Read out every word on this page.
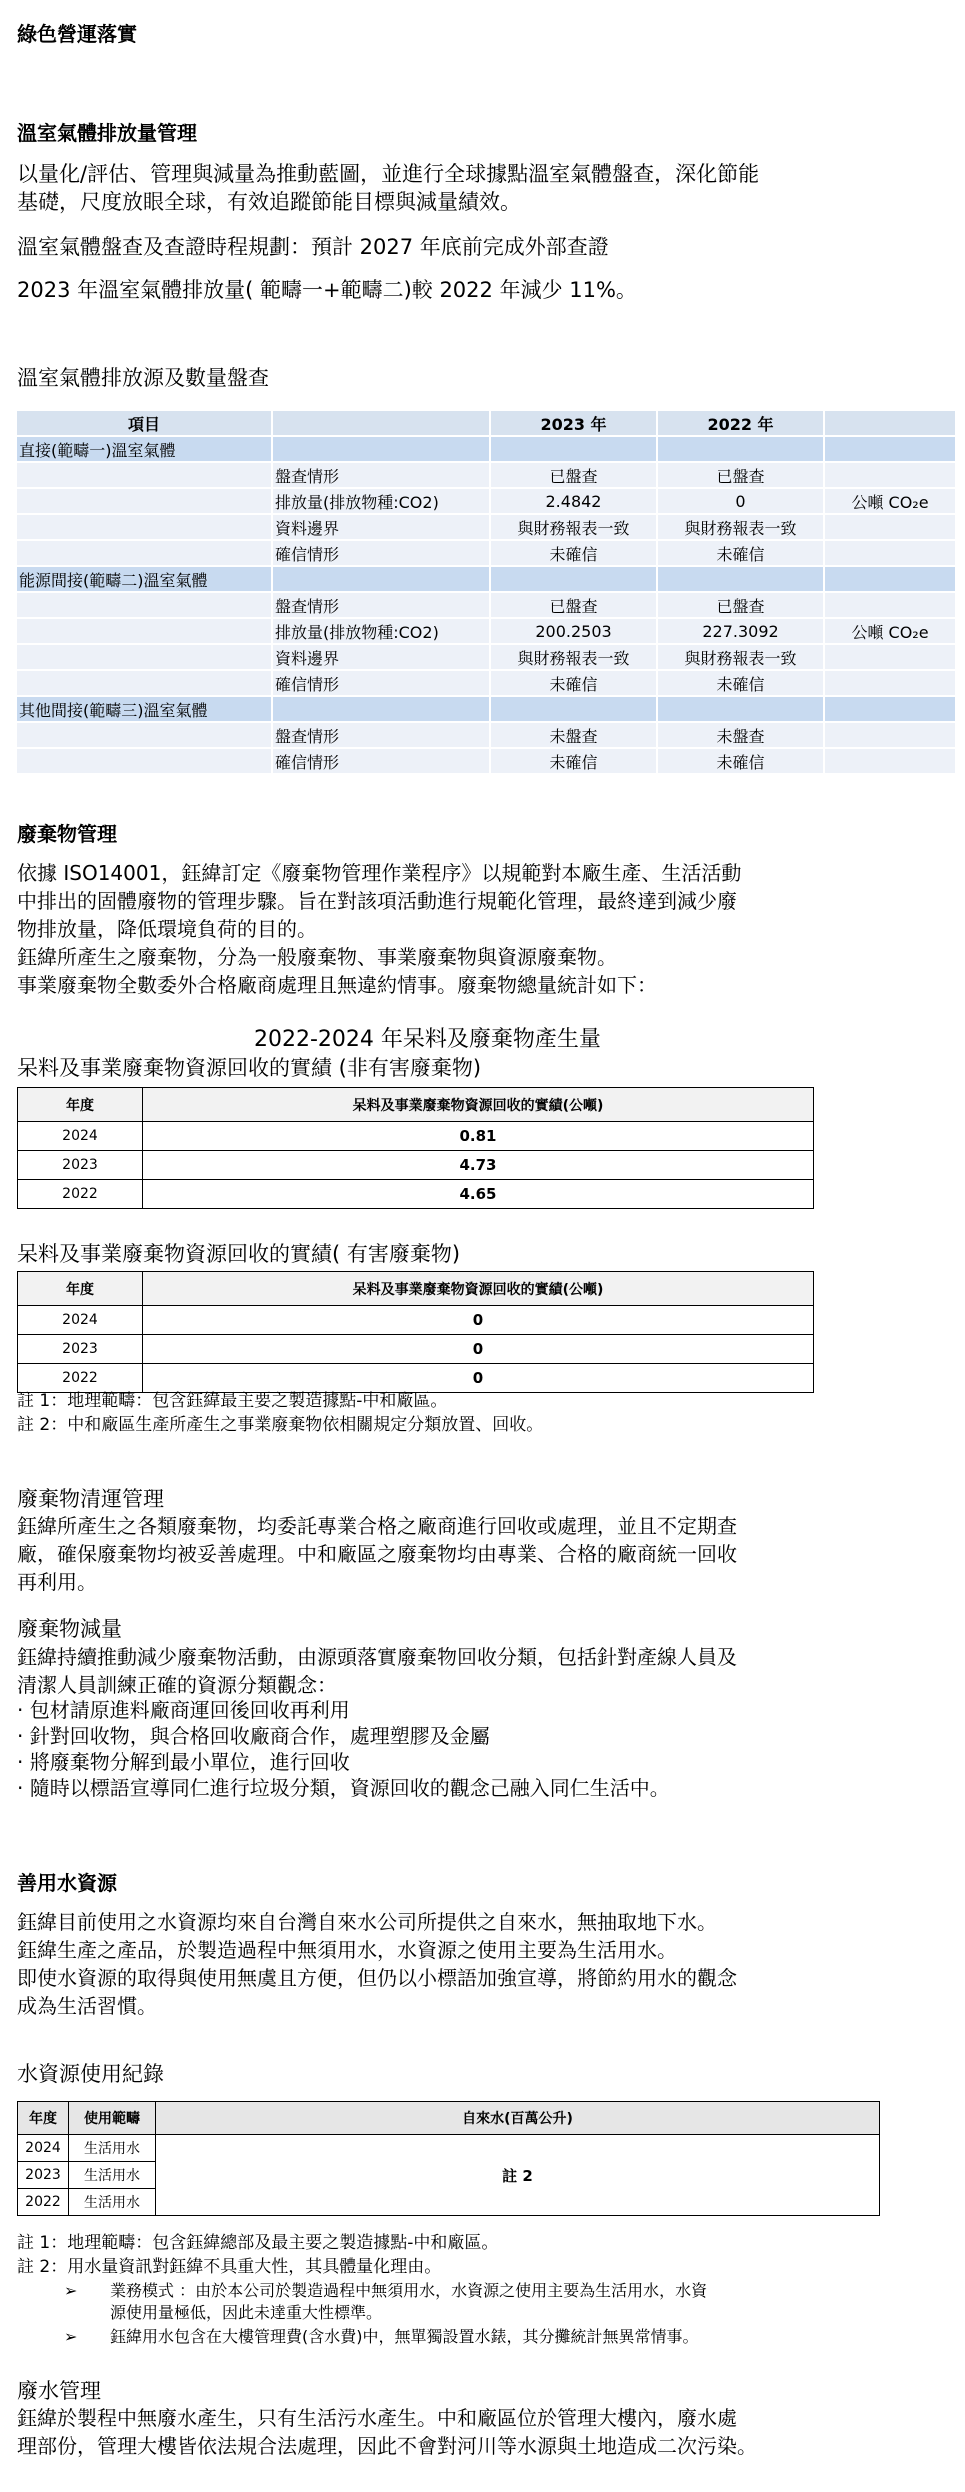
綠色營運落實
溫室氣體排放量管理
以量化/評估、管理與減量為推動藍圖，並進行全球據點溫室氣體盤查，深化節能
基礎，尺度放眼全球，有效追蹤節能目標與減量績效。
溫室氣體盤查及查證時程規劃：預計 2027 年底前完成外部查證
2023 年溫室氣體排放量( 範疇一+範疇二)較 2022 年減少 11%。
溫室氣體排放源及數量盤查
項目		2023 年	2022 年	
直接(範疇一)溫室氣體				
	盤查情形	已盤查	已盤查	
	排放量(排放物種:CO2)	2.4842	0	公噸 CO₂e
	資料邊界	與財務報表一致	與財務報表一致	
	確信情形	未確信	未確信	
能源間接(範疇二)溫室氣體				
	盤查情形	已盤查	已盤查	
	排放量(排放物種:CO2)	200.2503	227.3092	公噸 CO₂e
	資料邊界	與財務報表一致	與財務報表一致	
	確信情形	未確信	未確信	
其他間接(範疇三)溫室氣體				
	盤查情形	未盤查	未盤查	
	確信情形	未確信	未確信	
廢棄物管理
依據 ISO14001，鈺緯訂定《廢棄物管理作業程序》以規範對本廠生產、生活活動
中排出的固體廢物的管理步驟。旨在對該項活動進行規範化管理，最終達到減少廢
物排放量，降低環境負荷的目的。
鈺緯所產生之廢棄物，分為一般廢棄物、事業廢棄物與資源廢棄物。
事業廢棄物全數委外合格廠商處理且無違約情事。廢棄物總量統計如下：
2022-2024 年呆料及廢棄物產生量
呆料及事業廢棄物資源回收的實績 (非有害廢棄物)
年度	呆料及事業廢棄物資源回收的實績(公噸)
2024	0.81
2023	4.73
2022	4.65
呆料及事業廢棄物資源回收的實績( 有害廢棄物)
年度	呆料及事業廢棄物資源回收的實績(公噸)
2024	0
2023	0
2022	0
註 1：地理範疇：包含鈺緯最主要之製造據點-中和廠區。
註 2：中和廠區生產所產生之事業廢棄物依相關規定分類放置、回收。
廢棄物清運管理
鈺緯所產生之各類廢棄物，均委託專業合格之廠商進行回收或處理，並且不定期查
廠，確保廢棄物均被妥善處理。中和廠區之廢棄物均由專業、合格的廠商統一回收
再利用。
廢棄物減量
鈺緯持續推動減少廢棄物活動，由源頭落實廢棄物回收分類，包括針對產線人員及
清潔人員訓練正確的資源分類觀念：
‧ 包材請原進料廠商運回後回收再利用
‧ 針對回收物，與合格回收廠商合作，處理塑膠及金屬
‧ 將廢棄物分解到最小單位，進行回收
‧ 隨時以標語宣導同仁進行垃圾分類，資源回收的觀念己融入同仁生活中。
善用水資源
鈺緯目前使用之水資源均來自台灣自來水公司所提供之自來水，無抽取地下水。
鈺緯生產之產品，於製造過程中無須用水，水資源之使用主要為生活用水。
即使水資源的取得與使用無虞且方便，但仍以小標語加強宣導，將節約用水的觀念
成為生活習慣。
水資源使用紀錄
年度	使用範疇	自來水(百萬公升)
2024	生活用水	註 2
2023	生活用水	
2022	生活用水	
註 1：地理範疇：包含鈺緯總部及最主要之製造據點-中和廠區。
註 2：用水量資訊對鈺緯不具重大性，其具體量化理由。
➢ 業務模式 ：由於本公司於製造過程中無須用水，水資源之使用主要為生活用水，水資
源使用量極低，因此未達重大性標準。
➢ 鈺緯用水包含在大樓管理費(含水費)中，無單獨設置水錶，其分攤統計無異常情事。
廢水管理
鈺緯於製程中無廢水產生，只有生活污水產生。中和廠區位於管理大樓內，廢水處
理部份，管理大樓皆依法規合法處理，因此不會對河川等水源與土地造成二次污染。
